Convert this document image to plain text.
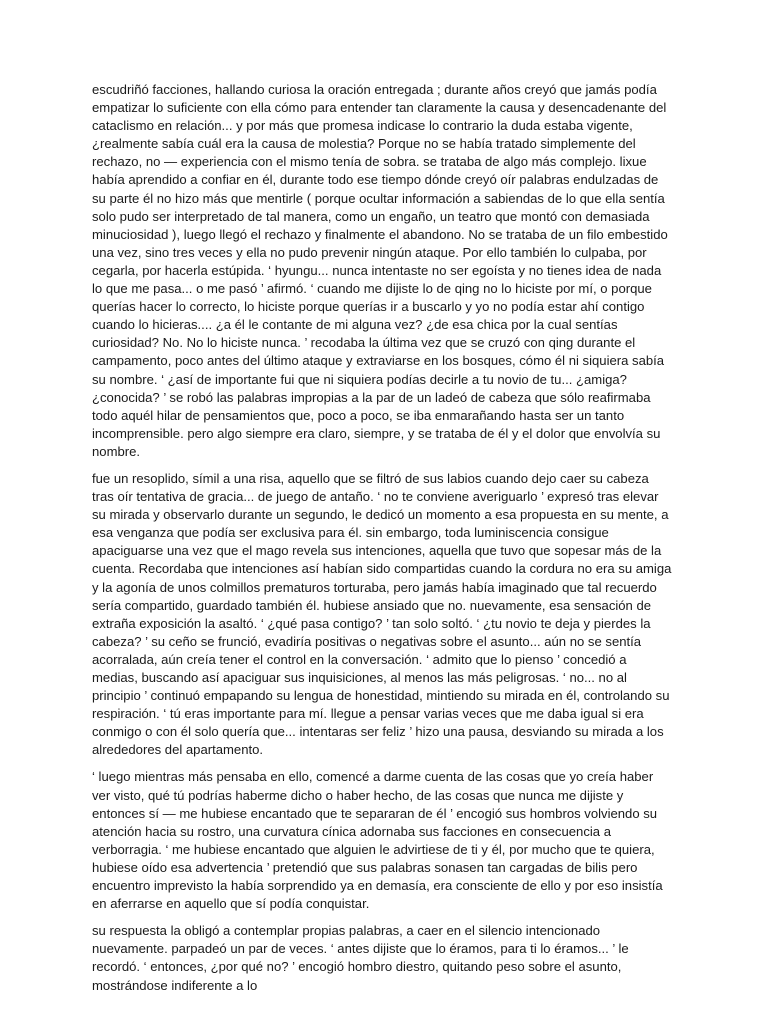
escudriñó facciones, hallando curiosa la oración entregada ; durante años creyó que jamás podía empatizar lo suficiente con ella cómo para entender tan claramente la causa y desencadenante del cataclismo en relación... y por más que promesa indicase lo contrario la duda estaba vigente, ¿realmente sabía cuál era la causa de molestia? Porque no se había tratado simplemente del rechazo, no — experiencia con el mismo tenía de sobra. se trataba de algo más complejo. lixue había aprendido a confiar en él, durante todo ese tiempo dónde creyó oír palabras endulzadas de su parte él no hizo más que mentirle ( porque ocultar información a sabiendas de lo que ella sentía solo pudo ser interpretado de tal manera, como un engaño, un teatro que montó con demasiada minuciosidad ), luego llegó el rechazo y finalmente el abandono. No se trataba de un filo embestido una vez, sino tres veces y ella no pudo prevenir ningún ataque. Por ello también lo culpaba, por cegarla, por hacerla estúpida. ‘ hyungu... nunca intentaste no ser egoísta y no tienes idea de nada lo que me pasa... o me pasó ’ afirmó. ‘ cuando me dijiste lo de qing no lo hiciste por mí, o porque querías hacer lo correcto, lo hiciste porque querías ir a buscarlo y yo no podía estar ahí contigo cuando lo hicieras.... ¿a él le contante de mi alguna vez? ¿de esa chica por la cual sentías curiosidad? No. No lo hiciste nunca. ’ recodaba la última vez que se cruzó con qing durante el campamento, poco antes del último ataque y extraviarse en los bosques, cómo él ni siquiera sabía su nombre. ‘ ¿así de importante fui que ni siquiera podías decirle a tu novio de tu... ¿amiga? ¿conocida? ’ se robó las palabras impropias a la par de un ladeó de cabeza que sólo reafirmaba todo aquél hilar de pensamientos que, poco a poco, se iba enmarañando hasta ser un tanto incomprensible. pero algo siempre era claro, siempre, y se trataba de él y el dolor que envolvía su nombre.

fue un resoplido, símil a una risa, aquello que se filtró de sus labios cuando dejo caer su cabeza tras oír tentativa de gracia... de juego de antaño. ‘ no te conviene averiguarlo ’ expresó tras elevar su mirada y observarlo durante un segundo, le dedicó un momento a esa propuesta en su mente, a esa venganza que podía ser exclusiva para él. sin embargo, toda luminiscencia consigue apaciguarse una vez que el mago revela sus intenciones, aquella que tuvo que sopesar más de la cuenta. Recordaba que intenciones así habían sido compartidas cuando la cordura no era su amiga y la agonía de unos colmillos prematuros torturaba, pero jamás había imaginado que tal recuerdo sería compartido, guardado también él. hubiese ansiado que no. nuevamente, esa sensación de extraña exposición la asaltó. ‘ ¿qué pasa contigo? ’ tan solo soltó. ‘ ¿tu novio te deja y pierdes la cabeza? ’ su ceño se frunció, evadiría positivas o negativas sobre el asunto... aún no se sentía acorralada, aún creía tener el control en la conversación. ‘ admito que lo pienso ’ concedió a medias, buscando así apaciguar sus inquisiciones, al menos las más peligrosas. ‘ no... no al principio ’ continuó empapando su lengua de honestidad, mintiendo su mirada en él, controlando su respiración. ‘ tú eras importante para mí. llegue a pensar varias veces que me daba igual si era conmigo o con él solo quería que... intentaras ser feliz ’ hizo una pausa, desviando su mirada a los alrededores del apartamento.

‘ luego mientras más pensaba en ello, comencé a darme cuenta de las cosas que yo creía haber ver visto, qué tú podrías haberme dicho o haber hecho, de las cosas que nunca me dijiste y entonces sí — me hubiese encantado que te separaran de él ’ encogió sus hombros volviendo su atención hacia su rostro, una curvatura cínica adornaba sus facciones en consecuencia a verborragia. ‘ me hubiese encantado que alguien le advirtiese de ti y él, por mucho que te quiera, hubiese oído esa advertencia ’ pretendió que sus palabras sonasen tan cargadas de bilis pero encuentro imprevisto la había sorprendido ya en demasía, era consciente de ello y por eso insistía en aferrarse en aquello que sí podía conquistar.

su respuesta la obligó a contemplar propias palabras, a caer en el silencio intencionado nuevamente. parpadeó un par de veces. ‘ antes dijiste que lo éramos, para ti lo éramos... ’ le recordó. ‘ entonces, ¿por qué no? ’ encogió hombro diestro, quitando peso sobre el asunto, mostrándose indiferente a lo
